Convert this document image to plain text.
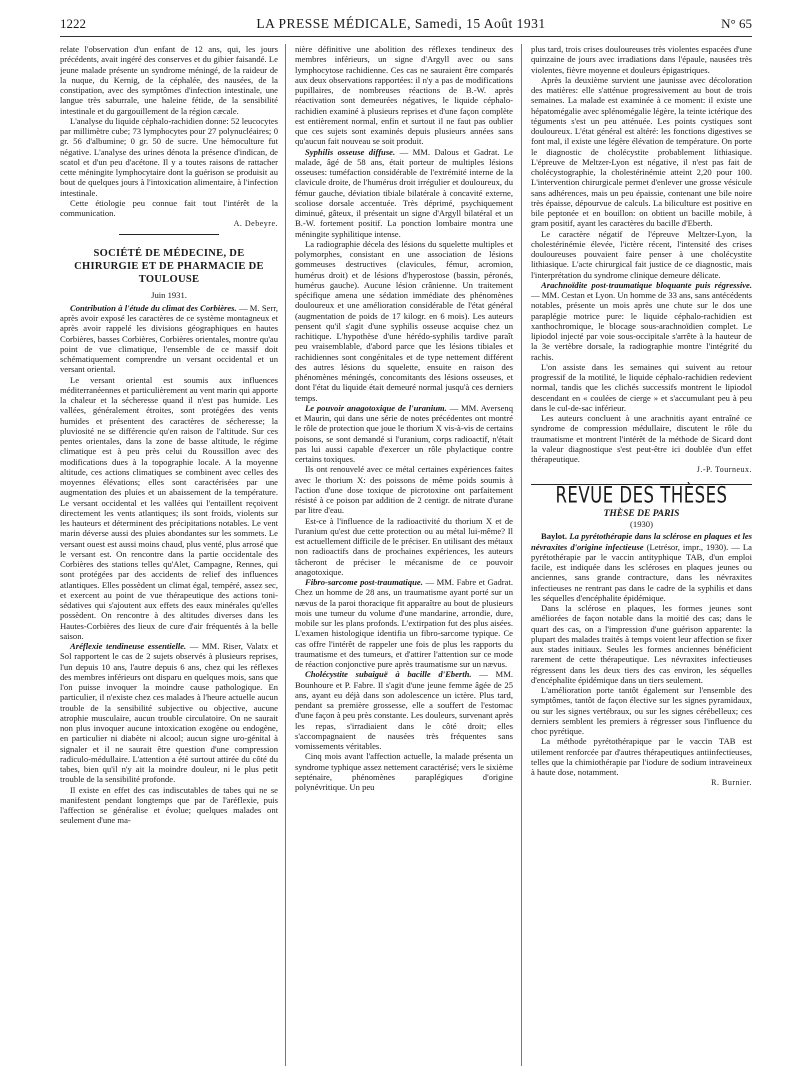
1222	LA PRESSE MÉDICALE, Samedi, 15 Août 1931	N° 65

relate l'observation d'un enfant de 12 ans, qui, les jours précédents, avait ingéré des conserves et du gibier faisandé. Le jeune malade présente un syndrome méningé, de la raideur de la nuque, du Kernig, de la céphalée, des nausées, de la constipation, avec des symptômes d'infection intestinale, une langue très saburrale, une haleine fétide, de la sensibilité intestinale et du gargouillement de la région cæcale.

L'analyse du liquide céphalo-rachidien donne: 52 leucocytes par millimètre cube; 73 lymphocytes pour 27 polynucléaires; 0 gr. 56 d'albumine; 0 gr. 50 de sucre. Une hémoculture fut négative. L'analyse des urines dénota la présence d'indican, de scatol et d'un peu d'acétone. Il y a toutes raisons de rattacher cette méningite lymphocytaire dont la guérison se produisit au bout de quelques jours à l'intoxication alimentaire, à l'infection intestinale.

Cette étiologie peu connue fait tout l'intérêt de la communication.

A. Debeyre.
SOCIÉTÉ DE MÉDECINE, DE CHIRURGIE ET DE PHARMACIE DE TOULOUSE
Juin 1931.

Contribution à l'étude du climat des Corbières. — M. Serr, après avoir exposé les caractères de ce système montagneux et après avoir rappelé les divisions géographiques en hautes Corbières, basses Corbières, Corbières orientales, montre qu'au point de vue climatique, l'ensemble de ce massif doit schématiquement comprendre un versant occidental et un versant oriental.

Le versant oriental est soumis aux influences méditerranéennes et particulièrement au vent marin qui apporte la chaleur et la sécheresse quand il n'est pas humide. Les vallées, généralement étroites, sont protégées des vents humides et présentent des caractères de sécheresse; la pluviosité ne se différencie qu'en raison de l'altitude. Sur ces pentes orientales, dans la zone de basse altitude, le régime climatique est à peu près celui du Roussillon avec des modifications dues à la topographie locale. A la moyenne altitude, ces actions climatiques se combinent avec celles des moyennes élévations; elles sont caractérisées par une augmentation des pluies et un abaissement de la température. Le versant occidental et les vallées qui l'entaillent reçoivent directement les vents atlantiques; ils sont froids, violents sur les hauteurs et déterminent des précipitations notables. Le vent marin déverse aussi des pluies abondantes sur les sommets. Le versant ouest est aussi moins chaud, plus venté, plus arrosé que le versant est. On rencontre dans la partie occidentale des Corbières des stations telles qu'Alet, Campagne, Rennes, qui sont protégées par des accidents de relief des influences atlantiques. Elles possèdent un climat égal, tempéré, assez sec, et exercent au point de vue thérapeutique des actions toni-sédatives qui s'ajoutent aux effets des eaux minérales qu'elles possèdent. On rencontre à des altitudes diverses dans les Hautes-Corbières des lieux de cure d'air fréquentés à la belle saison.

Aréflexie tendineuse essentielle. — MM. Riser, Valatx et Sol rapportent le cas de 2 sujets observés à plusieurs reprises, l'un depuis 10 ans, l'autre depuis 6 ans, chez qui les réflexes des membres inférieurs ont disparu en quelques mois, sans que l'on puisse invoquer la moindre cause pathologique. En particulier, il n'existe chez ces malades à l'heure actuelle aucun trouble de la sensibilité subjective ou objective, aucune atrophie musculaire, aucun trouble circulatoire. On ne saurait non plus invoquer aucune intoxication exogène ou endogène, en particulier ni diabète ni alcool; aucun signe uro-génital à signaler et il ne saurait être question d'une compression radiculo-médullaire. L'attention a été surtout attirée du côté du tabes, bien qu'il n'y ait la moindre douleur, ni le plus petit trouble de la sensibilité profonde.

Il existe en effet des cas indiscutables de tabes qui ne se manifestent pendant longtemps que par de l'aréflexie, puis l'affection se généralise et évolue; quelques malades ont seulement d'une ma-

nière définitive une abolition des réflexes tendineux des membres inférieurs, un signe d'Argyll avec ou sans lymphocytose rachidienne. Ces cas ne sauraient être comparés aux deux observations rapportées: il n'y a pas de modifications pupillaires, de nombreuses réactions de B.-W. après réactivation sont demeurées négatives, le liquide céphalo-rachidien examiné à plusieurs reprises et d'une façon complète est entièrement normal, enfin et surtout il ne faut pas oublier que ces sujets sont examinés depuis plusieurs années sans qu'aucun fait nouveau se soit produit.

Syphilis osseuse diffuse. — MM. Dalous et Gadrat. Le malade, âgé de 58 ans, était porteur de multiples lésions osseuses: tuméfaction considérable de l'extrémité interne de la clavicule droite, de l'humérus droit irrégulier et douloureux, du fémur gauche, déviation tibiale bilatérale à concavité externe, scoliose dorsale accentuée. Très déprimé, psychiquement diminué, gâteux, il présentait un signe d'Argyll bilatéral et un B.-W. fortement positif. La ponction lombaire montra une méningite syphilitique intense.

La radiographie décela des lésions du squelette multiples et polymorphes, consistant en une association de lésions gommeuses destructives (clavicules, fémur, acromion, humérus droit) et de lésions d'hyperostose (bassin, péronés, humérus gauche). Aucune lésion crânienne. Un traitement spécifique amena une sédation immédiate des phénomènes douloureux et une amélioration considérable de l'état général (augmentation de poids de 17 kilogr. en 6 mois). Les auteurs pensent qu'il s'agit d'une syphilis osseuse acquise chez un rachitique. L'hypothèse d'une hérédo-syphilis tardive paraît peu vraisemblable, d'abord parce que les lésions tibiales et rachidiennes sont congénitales et de type nettement différent des autres lésions du squelette, ensuite en raison des phénomènes méningés, concomitants des lésions osseuses, et dont l'état du liquide était demeuré normal jusqu'à ces derniers temps.

Le pouvoir anagotoxique de l'uranium. — MM. Aversenq et Maurin, qui dans une série de notes précédentes ont montré le rôle de protection que joue le thorium X vis-à-vis de certains poisons, se sont demandé si l'uranium, corps radioactif, n'était pas lui aussi capable d'exercer un rôle phylactique contre certains toxiques.

Ils ont renouvelé avec ce métal certaines expériences faites avec le thorium X: des poissons de même poids soumis à l'action d'une dose toxique de picrotoxine ont parfaitement résisté à ce poison par addition de 2 centigr. de nitrate d'urane par litre d'eau.

Est-ce à l'influence de la radioactivité du thorium X et de l'uranium qu'est due cette protection ou au métal lui-même? Il est actuellement difficile de le préciser. En utilisant des métaux non radioactifs dans de prochaines expériences, les auteurs tâcheront de préciser le mécanisme de ce pouvoir anagotoxique.

Fibro-sarcome post-traumatique. — MM. Fabre et Gadrat. Chez un homme de 28 ans, un traumatisme ayant porté sur un nævus de la paroi thoracique fit apparaître au bout de plusieurs mois une tumeur du volume d'une mandarine, arrondie, dure, mobile sur les plans profonds. L'extirpation fut des plus aisées. L'examen histologique identifia un fibro-sarcome typique. Ce cas offre l'intérêt de rappeler une fois de plus les rapports du traumatisme et des tumeurs, et d'attirer l'attention sur ce mode de réaction conjonctive pure après traumatisme sur un nævus.

Cholécystite subaiguë à bacille d'Eberth. — MM. Bounhoure et P. Fabre. Il s'agit d'une jeune femme âgée de 25 ans, ayant eu déjà dans son adolescence un ictère. Plus tard, pendant sa première grossesse, elle a souffert de l'estomac d'une façon à peu près constante. Les douleurs, survenant après les repas, s'irradiaient dans le côté droit; elles s'accompagnaient de nausées très fréquentes sans vomissements véritables.

Cinq mois avant l'affection actuelle, la malade présenta un syndrome typhique assez nettement caractérisé; vers le sixième septénaire, phénomènes paraplégiques d'origine polynévritique. Un peu

plus tard, trois crises douloureuses très violentes espacées d'une quinzaine de jours avec irradiations dans l'épaule, nausées très violentes, fièvre moyenne et douleurs épigastriques.

Après la deuxième survient une jaunisse avec décoloration des matières: elle s'atténue progressivement au bout de trois semaines. La malade est examinée à ce moment: il existe une hépatomégalie avec splénomégalie légère, la teinte ictérique des téguments s'est un peu atténuée. Les points cystiques sont douloureux. L'état général est altéré: les fonctions digestives se font mal, il existe une légère élévation de température. On porte le diagnostic de cholécystite probablement lithiasique. L'épreuve de Meltzer-Lyon est négative, il n'est pas fait de cholécystographie, la cholestérinémie atteint 2,20 pour 100. L'intervention chirurgicale permet d'enlever une grosse vésicule sans adhérences, mais un peu épaissie, contenant une bile noire très épaisse, dépourvue de calculs. La biliculture est positive en bile peptonée et en bouillon: on obtient un bacille mobile, à gram positif, ayant les caractères du bacille d'Eberth.

Le caractère négatif de l'épreuve Meltzer-Lyon, la cholestérinémie élevée, l'ictère récent, l'intensité des crises douloureuses pouvaient faire penser à une cholécystite lithiasique. L'acte chirurgical fait justice de ce diagnostic, mais l'interprétation du syndrome clinique demeure délicate.

Arachnoïdite post-traumatique bloquante puis régressive. — MM. Cestan et Lyon. Un homme de 33 ans, sans antécédents notables, présente un mois après une chute sur le dos une paraplégie motrice pure: le liquide céphalo-rachidien est xanthochromique, le blocage sous-arachnoïdien complet. Le lipiodol injecté par voie sous-occipitale s'arrête à la hauteur de la 3e vertèbre dorsale, la radiographie montre l'intégrité du rachis.

L'on assiste dans les semaines qui suivent au retour progressif de la motilité, le liquide céphalo-rachidien redevient normal, tandis que les clichés successifs montrent le lipiodol descendant en « coulées de cierge » et s'accumulant peu à peu dans le cul-de-sac inférieur.

Les auteurs concluent à une arachnitis ayant entraîné ce syndrome de compression médullaire, discutent le rôle du traumatisme et montrent l'intérêt de la méthode de Sicard dont la valeur diagnostique s'est peut-être ici doublée d'un effet thérapeutique.

J.-P. Tourneux.
REVUE DES THÈSES
THÈSE DE PARIS
(1930)

Baylot. La pyrétothérapie dans la sclérose en plaques et les névraxites d'origine infectieuse (Letrésor, impr., 1930). — La pyrétothérapie par le vaccin antityphique TAB, d'un emploi facile, est indiquée dans les scléroses en plaques jeunes ou anciennes, sans grande contracture, dans les névraxites infectieuses ne rentrant pas dans le cadre de la syphilis et dans les séquelles d'encéphalite épidémique.

Dans la sclérose en plaques, les formes jeunes sont améliorées de façon notable dans la moitié des cas; dans le quart des cas, on a l'impression d'une guérison apparente: la plupart des malades traités à temps voient leur affection se fixer aux stades initiaux. Seules les formes anciennes bénéficient rarement de cette thérapeutique. Les névraxites infectieuses régressent dans les deux tiers des cas environ, les séquelles d'encéphalite épidémique dans un tiers seulement.

L'amélioration porte tantôt également sur l'ensemble des symptômes, tantôt de façon élective sur les signes pyramidaux, ou sur les signes vertébraux, ou sur les signes cérébelleux; ces derniers semblent les premiers à régresser sous l'influence du choc pyrétique.

La méthode pyrétothérapique par le vaccin TAB est utilement renforcée par d'autres thérapeutiques antiinfectieuses, telles que la chimiothérapie par l'iodure de sodium intraveineux à haute dose, notamment.

R. Burnier.
